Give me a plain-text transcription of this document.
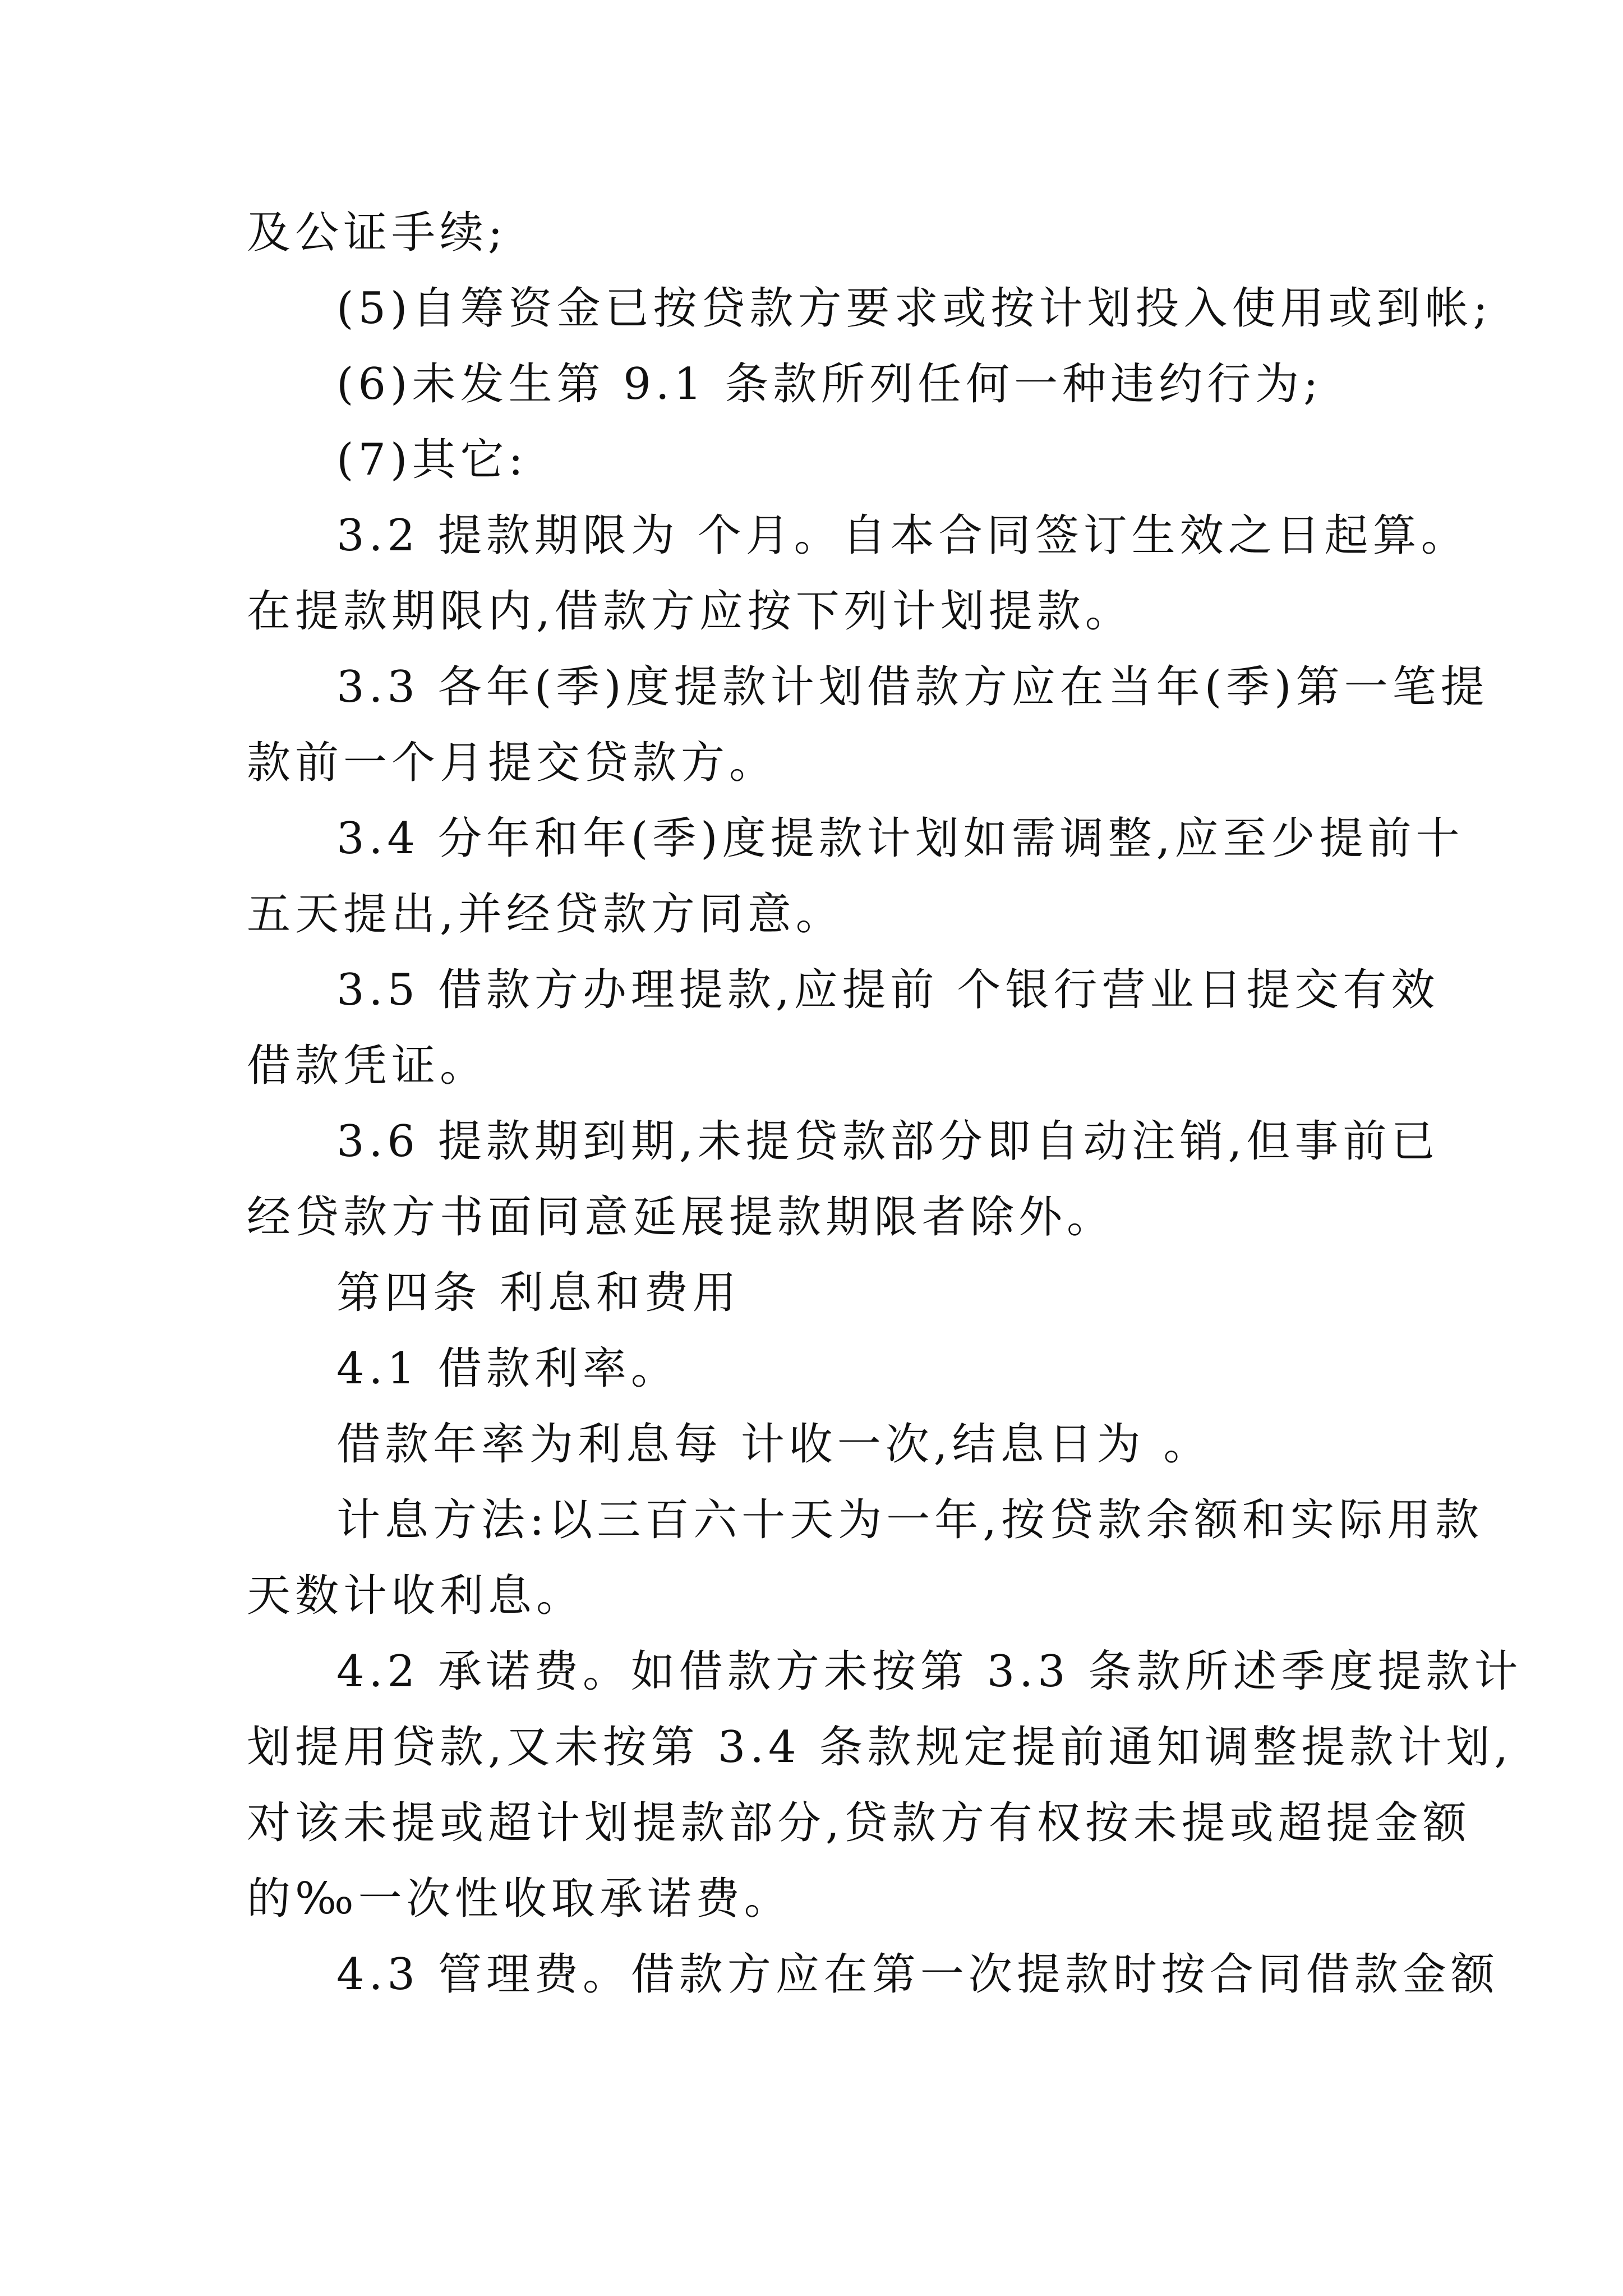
及公证手续;
(5)自筹资金已按贷款方要求或按计划投入使用或到帐;
(6)未发生第 9.1 条款所列任何一种违约行为;
(7)其它:
3.2 提款期限为 个月。自本合同签订生效之日起算。
在提款期限内,借款方应按下列计划提款。
3.3 各年(季)度提款计划借款方应在当年(季)第一笔提
款前一个月提交贷款方。
3.4 分年和年(季)度提款计划如需调整,应至少提前十
五天提出,并经贷款方同意。
3.5 借款方办理提款,应提前 个银行营业日提交有效
借款凭证。
3.6 提款期到期,未提贷款部分即自动注销,但事前已
经贷款方书面同意延展提款期限者除外。
第四条 利息和费用
4.1 借款利率。
借款年率为利息每 计收一次,结息日为 。
计息方法:以三百六十天为一年,按贷款余额和实际用款
天数计收利息。
4.2 承诺费。如借款方未按第 3.3 条款所述季度提款计
划提用贷款,又未按第 3.4 条款规定提前通知调整提款计划,
对该未提或超计划提款部分,贷款方有权按未提或超提金额
的‰一次性收取承诺费。
4.3 管理费。借款方应在第一次提款时按合同借款金额
